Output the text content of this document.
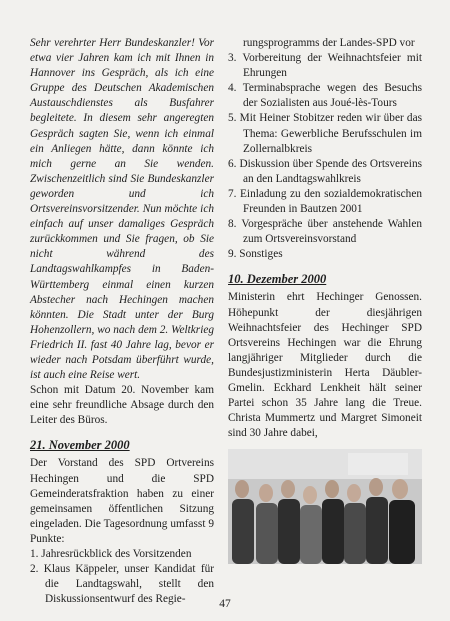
Sehr verehrter Herr Bundeskanzler! Vor etwa vier Jahren kam ich mit Ihnen in Hannover ins Gespräch, als ich eine Gruppe des Deutschen Akademischen Austauschdienstes als Busfahrer begleitete. In diesem sehr angeregten Gespräch sagten Sie, wenn ich einmal ein Anliegen hätte, dann könnte ich mich gerne an Sie wenden. Zwischenzeitlich sind Sie Bundeskanzler geworden und ich Ortsvereinsvorsitzender. Nun möchte ich einfach auf unser damaliges Gespräch zurückkommen und Sie fragen, ob Sie nicht während des Landtagswahlkampfes in Baden-Württemberg einmal einen kurzen Abstecher nach Hechingen machen könnten. Die Stadt unter der Burg Hohenzollern, wo nach dem 2. Weltkrieg Friedrich II. fast 40 Jahre lag, bevor er wieder nach Potsdam überführt wurde, ist auch eine Reise wert.

Schon mit Datum 20. November kam eine sehr freundliche Absage durch den Leiter des Büros.

21. November 2000

Der Vorstand des SPD Ortvereins Hechingen und die SPD Gemeinderatsfraktion haben zu einer gemeinsamen öffentlichen Sitzung eingeladen. Die Tagesordnung umfasst 9 Punkte:

1. Jahresrückblick des Vorsitzenden
2. Klaus Käppeler, unser Kandidat für die Landtagswahl, stellt den Diskussionsentwurf des Regie-
rungsprogramms der Landes-SPD vor
3. Vorbereitung der Weihnachtsfeier mit Ehrungen
4. Terminabsprache wegen des Besuchs der Sozialisten aus Joué-lès-Tours
5. Mit Heiner Stobitzer reden wir über das Thema: Gewerbliche Berufsschulen im Zollernalbkreis
6. Diskussion über Spende des Ortsvereins an den Landtagswahlkreis
7. Einladung zu den sozialdemokratischen Freunden in Bautzen 2001
8. Vorgespräche über anstehende Wahlen zum Ortsvereinsvorstand
9. Sonstiges
10. Dezember 2000

Ministerin ehrt Hechinger Genossen. Höhepunkt der diesjährigen Weihnachtsfeier des Hechinger SPD Ortsvereins Hechingen war die Ehrung langjähriger Mitglieder durch die Bundesjustizministerin Herta Däubler-Gmelin. Eckhard Lenkheit hält seiner Partei schon 35 Jahre lang die Treue. Christa Mummertz und Margret Simoneit sind 30 Jahre dabei,

47
